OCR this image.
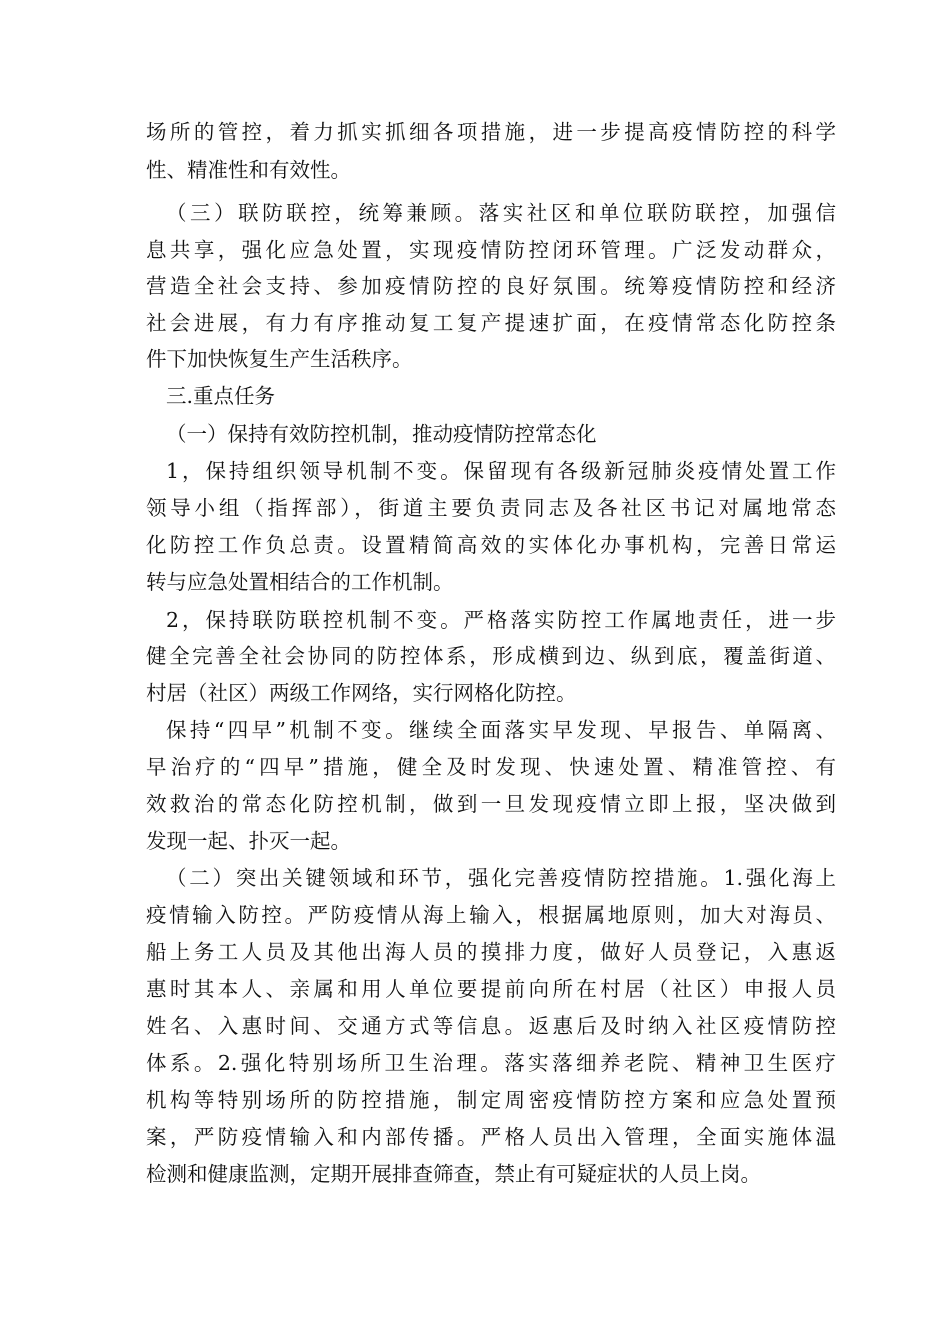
场所的管控，着力抓实抓细各项措施，进一步提高疫情防控的科学
性、精准性和有效性。
（三）联防联控，统筹兼顾。落实社区和单位联防联控，加强信
息共享，强化应急处置，实现疫情防控闭环管理。广泛发动群众，
营造全社会支持、参加疫情防控的良好氛围。统筹疫情防控和经济
社会进展，有力有序推动复工复产提速扩面，在疫情常态化防控条
件下加快恢复生产生活秩序。
三.重点任务
（一）保持有效防控机制，推动疫情防控常态化
1，保持组织领导机制不变。保留现有各级新冠肺炎疫情处置工作
领导小组（指挥部），街道主要负责同志及各社区书记对属地常态
化防控工作负总责。设置精简高效的实体化办事机构，完善日常运
转与应急处置相结合的工作机制。
2，保持联防联控机制不变。严格落实防控工作属地责任，进一步
健全完善全社会协同的防控体系，形成横到边、纵到底，覆盖街道、
村居（社区）两级工作网络，实行网格化防控。
保持“四早”机制不变。继续全面落实早发现、早报告、单隔离、
早治疗的“四早”措施，健全及时发现、快速处置、精准管控、有
效救治的常态化防控机制，做到一旦发现疫情立即上报，坚决做到
发现一起、扑灭一起。
（二）突出关键领域和环节，强化完善疫情防控措施。1.强化海上
疫情输入防控。严防疫情从海上输入，根据属地原则，加大对海员、
船上务工人员及其他出海人员的摸排力度，做好人员登记，入惠返
惠时其本人、亲属和用人单位要提前向所在村居（社区）申报人员
姓名、入惠时间、交通方式等信息。返惠后及时纳入社区疫情防控
体系。2.强化特别场所卫生治理。落实落细养老院、精神卫生医疗
机构等特别场所的防控措施，制定周密疫情防控方案和应急处置预
案，严防疫情输入和内部传播。严格人员出入管理，全面实施体温
检测和健康监测，定期开展排查筛查，禁止有可疑症状的人员上岗。
